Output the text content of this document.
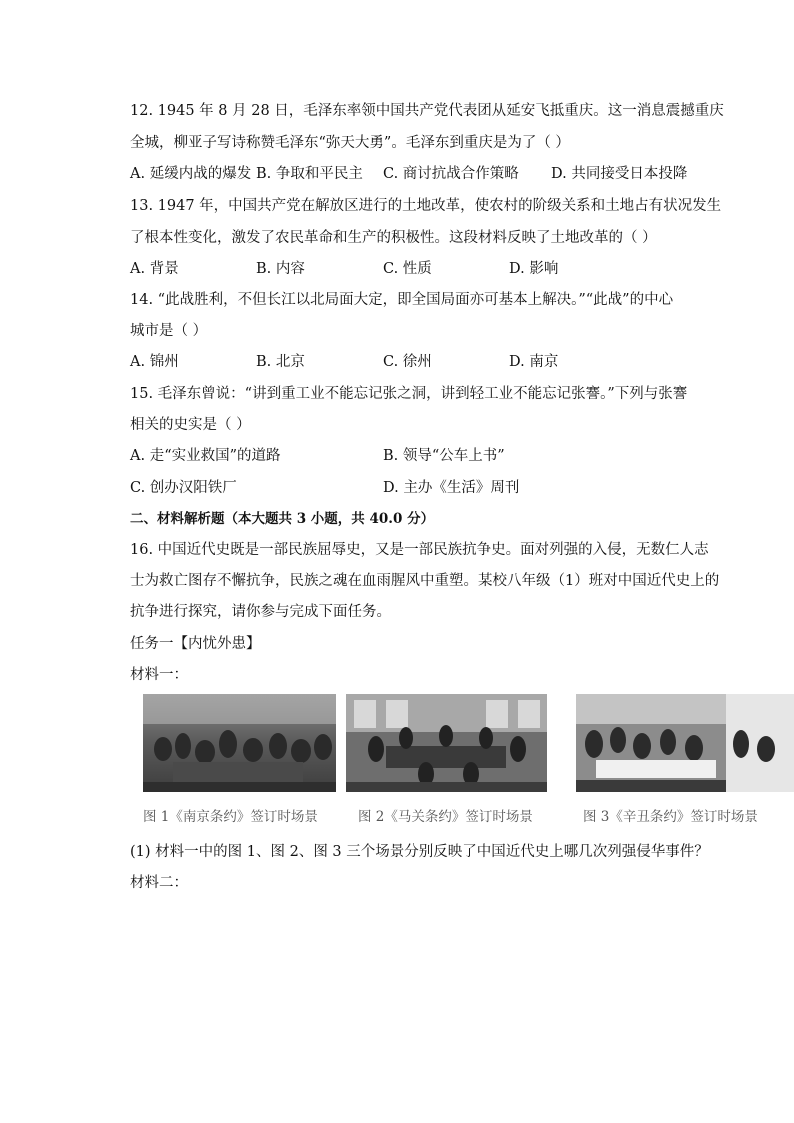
12. 1945 年 8 月 28 日，毛泽东率领中国共产党代表团从延安飞抵重庆。这一消息震撼重庆
全城，柳亚子写诗称赞毛泽东“弥天大勇”。毛泽东到重庆是为了（ ）
A. 延缓内战的爆发 B. 争取和平民主 C. 商讨抗战合作策略 D. 共同接受日本投降
13. 1947 年，中国共产党在解放区进行的土地改革，使农村的阶级关系和土地占有状况发生
了根本性变化，激发了农民革命和生产的积极性。这段材料反映了土地改革的（ ）
A. 背景	B. 内容	C. 性质	D. 影响
14. “此战胜利，不但长江以北局面大定，即全国局面亦可基本上解决。”“此战”的中心
城市是（ ）
A. 锦州	B. 北京	C. 徐州	D. 南京
15. 毛泽东曾说：“讲到重工业不能忘记张之洞，讲到轻工业不能忘记张謇。”下列与张謇
相关的史实是（ ）
A. 走“实业救国”的道路	B. 领导“公车上书”
C. 创办汉阳铁厂	D. 主办《生活》周刊
二、材料解析题（本大题共 3 小题，共 40.0 分）
16. 中国近代史既是一部民族屈辱史，又是一部民族抗争史。面对列强的入侵，无数仁人志
士为救亡图存不懈抗争，民族之魂在血雨腥风中重塑。某校八年级（1）班对中国近代史上的
抗争进行探究，请你参与完成下面任务。
任务一【内忧外患】
材料一：
图 1《南京条约》签订时场景	图 2《马关条约》签订时场景	图 3《辛丑条约》签订时场景
(1) 材料一中的图 1、图 2、图 3 三个场景分别反映了中国近代史上哪几次列强侵华事件？
材料二：
